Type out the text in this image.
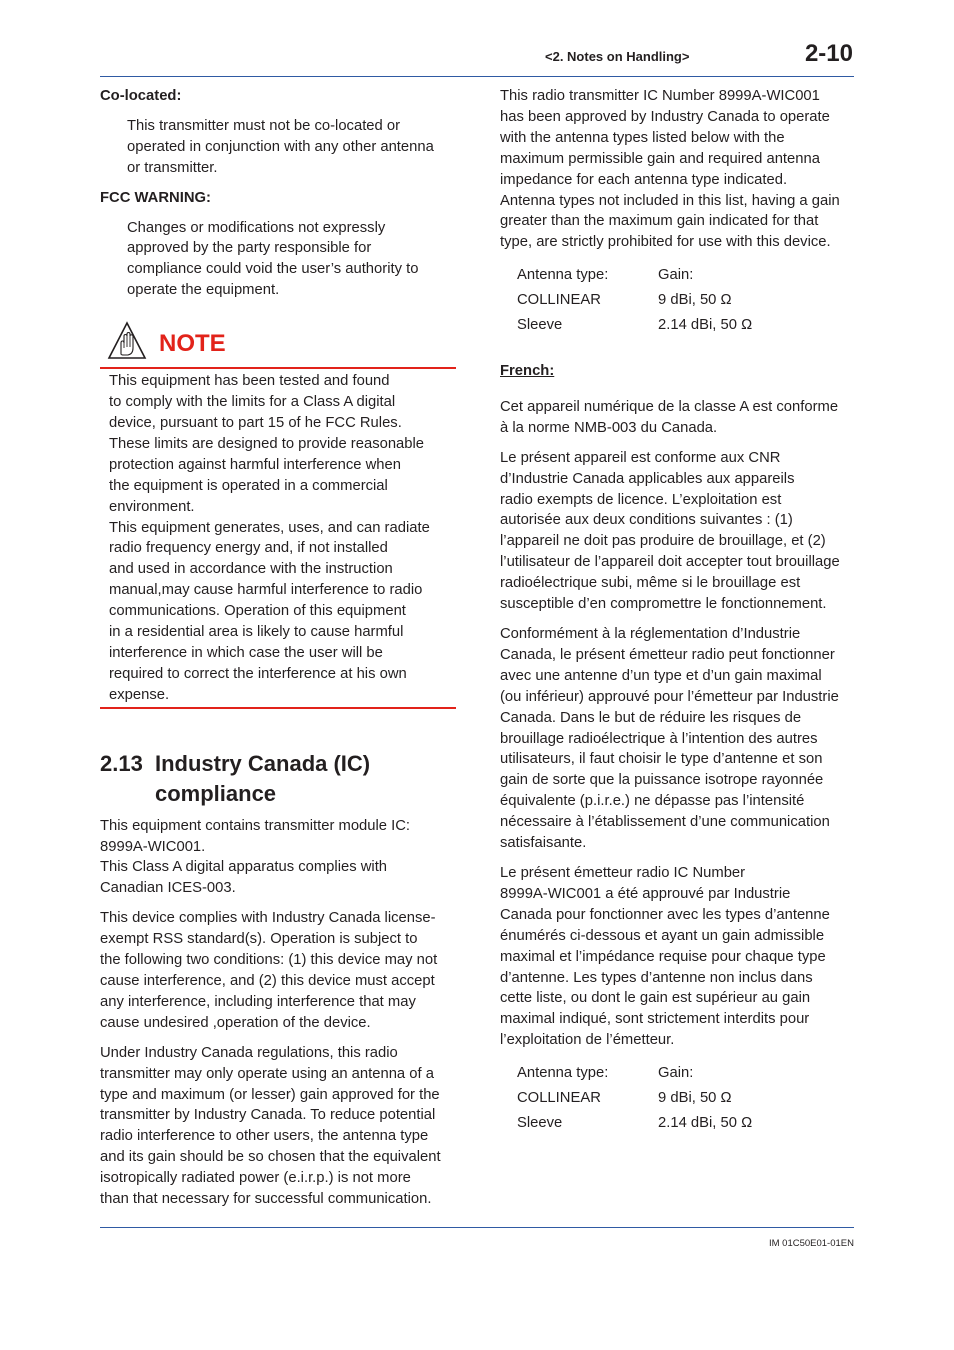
<2. Notes on Handling>	2-10

Co-located:

This transmitter must not be co-located or
operated in conjunction with any other antenna
or transmitter.

FCC WARNING:

Changes or modifications not expressly
approved by the party responsible for
compliance could void the user’s authority to
operate the equipment.
NOTE
This equipment has been tested and found
to comply with the limits for a Class A digital
device, pursuant to part 15 of he FCC Rules.
These limits are designed to provide reasonable
protection against harmful interference when
the equipment is operated in a commercial
environment.
This equipment generates, uses, and can radiate
radio frequency energy and, if not installed
and used in accordance with the instruction
manual,may cause harmful interference to radio
communications. Operation of this equipment
in a residential area is likely to cause harmful
interference in which case the user will be
required to correct the interference at his own
expense.
2.13 Industry Canada (IC)
compliance
This equipment contains transmitter module IC:
8999A-WIC001.
This Class A digital apparatus complies with
Canadian ICES-003.
This device complies with Industry Canada license-
exempt RSS standard(s). Operation is subject to
the following two conditions: (1) this device may not
cause interference, and (2) this device must accept
any interference, including interference that may
cause undesired ,operation of the device.
Under Industry Canada regulations, this radio
transmitter may only operate using an antenna of a
type and maximum (or lesser) gain approved for the
transmitter by Industry Canada. To reduce potential
radio interference to other users, the antenna type
and its gain should be so chosen that the equivalent
isotropically radiated power (e.i.r.p.) is not more
than that necessary for successful communication.
This radio transmitter IC Number 8999A-WIC001
has been approved by Industry Canada to operate
with the antenna types listed below with the
maximum permissible gain and required antenna
impedance for each antenna type indicated.
Antenna types not included in this list, having a gain
greater than the maximum gain indicated for that
type, are strictly prohibited for use with this device.
Antenna type:	Gain:
COLLINEAR	9 dBi, 50 Ω
Sleeve	2.14 dBi, 50 Ω

French:

Cet appareil numérique de la classe A est conforme
à la norme NMB-003 du Canada.
Le présent appareil est conforme aux CNR
d’Industrie Canada applicables aux appareils
radio exempts de licence. L’exploitation est
autorisée aux deux conditions suivantes : (1)
l’appareil ne doit pas produire de brouillage, et (2)
l’utilisateur de l’appareil doit accepter tout brouillage
radioélectrique subi, même si le brouillage est
susceptible d’en compromettre le fonctionnement.
Conformément à la réglementation d’Industrie
Canada, le présent émetteur radio peut fonctionner
avec une antenne d’un type et d’un gain maximal
(ou inférieur) approuvé pour l’émetteur par Industrie
Canada. Dans le but de réduire les risques de
brouillage radioélectrique à l’intention des autres
utilisateurs, il faut choisir le type d’antenne et son
gain de sorte que la puissance isotrope rayonnée
équivalente (p.i.r.e.) ne dépasse pas l’intensité
nécessaire à l’établissement d’une communication
satisfaisante.
Le présent émetteur radio IC Number
8999A-WIC001 a été approuvé par Industrie
Canada pour fonctionner avec les types d’antenne
énumérés ci-dessous et ayant un gain admissible
maximal et l’impédance requise pour chaque type
d’antenne. Les types d’antenne non inclus dans
cette liste, ou dont le gain est supérieur au gain
maximal indiqué, sont strictement interdits pour
l’exploitation de l’émetteur.
Antenna type:	Gain:
COLLINEAR	9 dBi, 50 Ω
Sleeve	2.14 dBi, 50 Ω
IM 01C50E01-01EN
